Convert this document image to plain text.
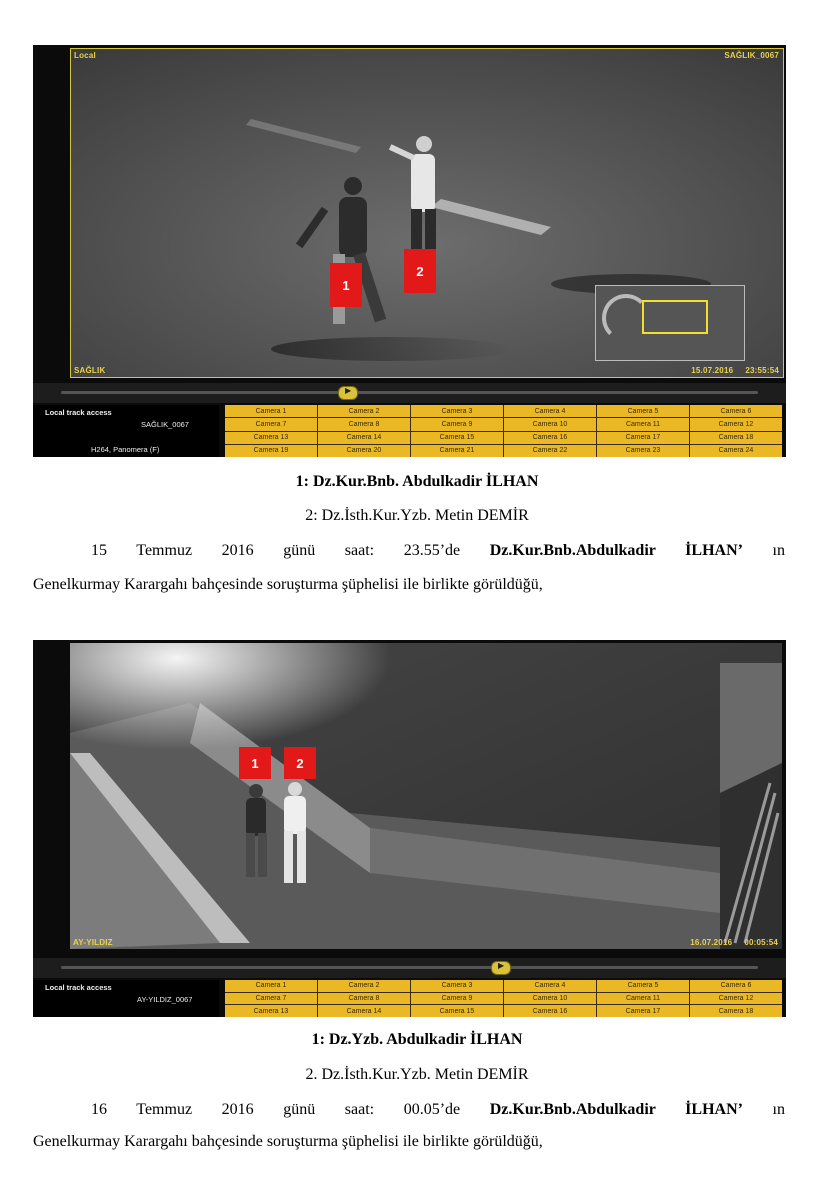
1
2
Local	SAĞLIK_0067
SAĞLIK	15.07.2016     23:55:54
▶
Local track access
SAĞLIK_0067
H264, Panomera (F)
Camera 1	Camera 2	Camera 3	Camera 4	Camera 5	Camera 6
Camera 7	Camera 8	Camera 9	Camera 10	Camera 11	Camera 12
Camera 13	Camera 14	Camera 15	Camera 16	Camera 17	Camera 18
Camera 19	Camera 20	Camera 21	Camera 22	Camera 23	Camera 24
1: Dz.Kur.Bnb. Abdulkadir İLHAN
2: Dz.İsth.Kur.Yzb. Metin DEMİR
15 Temmuz 2016 günü saat: 23.55’de Dz.Kur.Bnb.Abdulkadir İLHAN’ ın
Genelkurmay Karargahı bahçesinde soruşturma şüphelisi ile birlikte görüldüğü,
1	2
AY-YILDIZ	16.07.2016     00:05:54
▶
Local track access
AY-YILDIZ_0067
Camera 1	Camera 2	Camera 3	Camera 4	Camera 5	Camera 6
Camera 7	Camera 8	Camera 9	Camera 10	Camera 11	Camera 12
Camera 13	Camera 14	Camera 15	Camera 16	Camera 17	Camera 18
1: Dz.Yzb. Abdulkadir İLHAN
2. Dz.İsth.Kur.Yzb. Metin DEMİR
16 Temmuz 2016 günü saat: 00.05’de Dz.Kur.Bnb.Abdulkadir İLHAN’ ın
Genelkurmay Karargahı bahçesinde soruşturma şüphelisi ile birlikte görüldüğü,
